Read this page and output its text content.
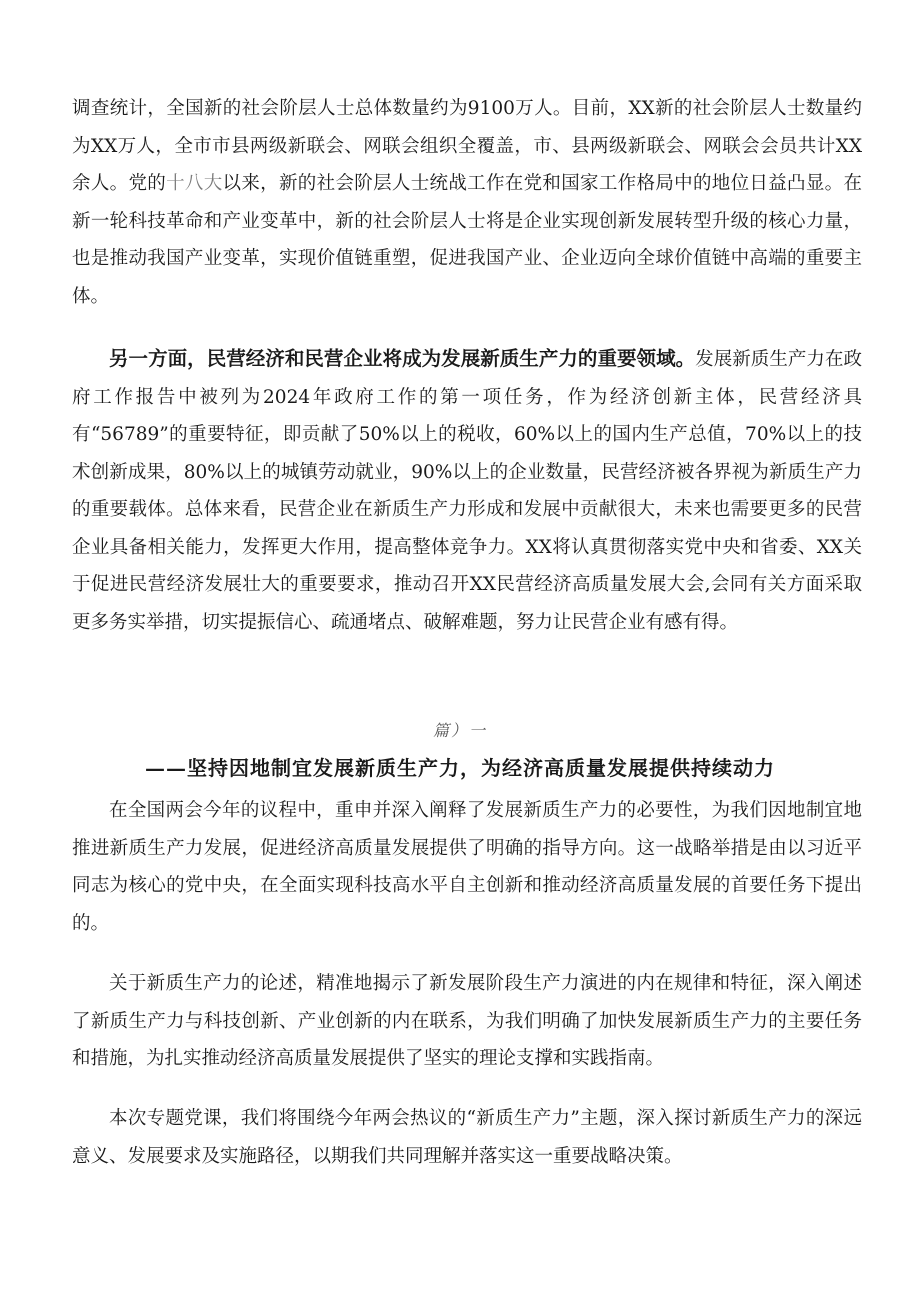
调查统计，全国新的社会阶层人士总体数量约为9100万人。目前，XX新的社会阶层人士数量约为XX万人，全市市县两级新联会、网联会组织全覆盖，市、县两级新联会、网联会会员共计XX余人。党的十八大以来，新的社会阶层人士统战工作在党和国家工作格局中的地位日益凸显。在新一轮科技革命和产业变革中，新的社会阶层人士将是企业实现创新发展转型升级的核心力量，也是推动我国产业变革，实现价值链重塑，促进我国产业、企业迈向全球价值链中高端的重要主体。

另一方面，民营经济和民营企业将成为发展新质生产力的重要领域。发展新质生产力在政府工作报告中被列为2024年政府工作的第一项任务，作为经济创新主体，民营经济具有“56789”的重要特征，即贡献了50%以上的税收，60%以上的国内生产总值，70%以上的技术创新成果，80%以上的城镇劳动就业，90%以上的企业数量，民营经济被各界视为新质生产力的重要载体。总体来看，民营企业在新质生产力形成和发展中贡献很大，未来也需要更多的民营企业具备相关能力，发挥更大作用，提高整体竞争力。XX将认真贯彻落实党中央和省委、XX关于促进民营经济发展壮大的重要要求，推动召开XX民营经济高质量发展大会,会同有关方面采取更多务实举措，切实提振信心、疏通堵点、破解难题，努力让民营企业有感有得。

篇）一
——坚持因地制宜发展新质生产力，为经济高质量发展提供持续动力

在全国两会今年的议程中，重申并深入阐释了发展新质生产力的必要性，为我们因地制宜地推进新质生产力发展，促进经济高质量发展提供了明确的指导方向。这一战略举措是由以习近平同志为核心的党中央，在全面实现科技高水平自主创新和推动经济高质量发展的首要任务下提出的。

关于新质生产力的论述，精准地揭示了新发展阶段生产力演进的内在规律和特征，深入阐述了新质生产力与科技创新、产业创新的内在联系，为我们明确了加快发展新质生产力的主要任务和措施，为扎实推动经济高质量发展提供了坚实的理论支撑和实践指南。

本次专题党课，我们将围绕今年两会热议的“新质生产力”主题，深入探讨新质生产力的深远意义、发展要求及实施路径，以期我们共同理解并落实这一重要战略决策。
